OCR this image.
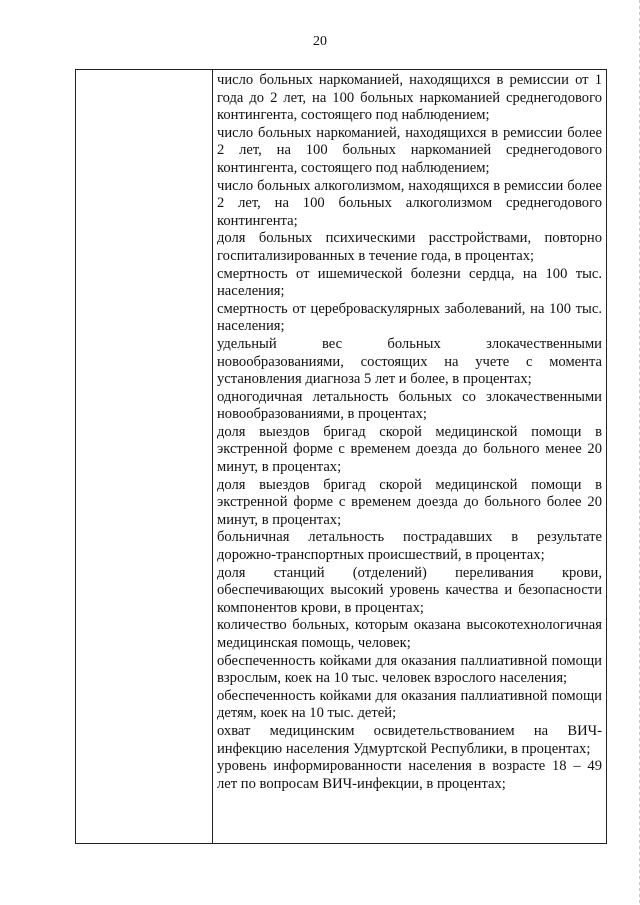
20

число больных наркоманией, находящихся в ремиссии от 1 года до 2 лет, на 100 больных наркоманией среднегодового контингента, состоящего под наблюдением;

число больных наркоманией, находящихся в ремиссии более 2 лет, на 100 больных наркоманией среднегодового контингента, состоящего под наблюдением;

число больных алкоголизмом, находящихся в ремиссии более 2 лет, на 100 больных алкоголизмом среднегодового контингента;

доля больных психическими расстройствами, повторно госпитализированных в течение года, в процентах;

смертность от ишемической болезни сердца, на 100 тыс. населения;

смертность от цереброваскулярных заболеваний, на 100 тыс. населения;

удельный вес больных злокачественными новообразованиями, состоящих на учете с момента установления диагноза 5 лет и более, в процентах;

одногодичная летальность больных со злокачественными новообразованиями, в процентах;

доля выездов бригад скорой медицинской помощи в экстренной форме с временем доезда до больного менее 20 минут, в процентах;

доля выездов бригад скорой медицинской помощи в экстренной форме с временем доезда до больного более 20 минут, в процентах;

больничная летальность пострадавших в результате дорожно-транспортных происшествий, в процентах;

доля станций (отделений) переливания крови, обеспечивающих высокий уровень качества и безопасности компонентов крови, в процентах;

количество больных, которым оказана высокотехнологичная медицинская помощь, человек;

обеспеченность койками для оказания паллиативной помощи взрослым, коек на 10 тыс. человек взрослого населения;

обеспеченность койками для оказания паллиативной помощи детям, коек на 10 тыс. детей;

охват медицинским освидетельствованием на ВИЧ-инфекцию населения Удмуртской Республики, в процентах;

уровень информированности населения в возрасте 18 – 49 лет по вопросам ВИЧ-инфекции, в процентах;
